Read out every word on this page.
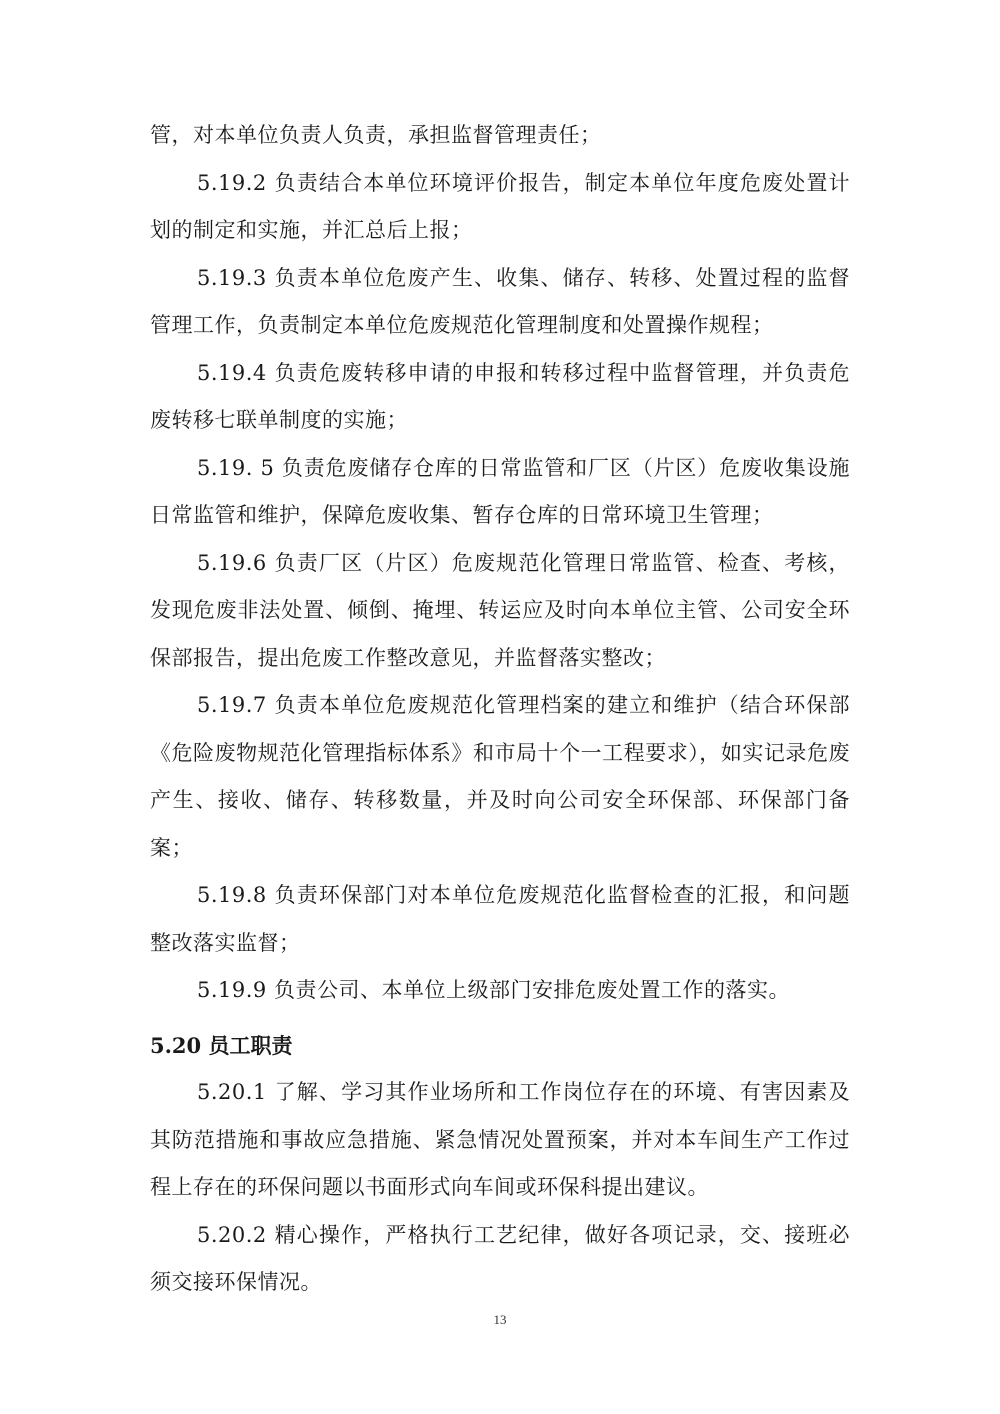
管，对本单位负责人负责，承担监督管理责任；

5.19.2 负责结合本单位环境评价报告，制定本单位年度危废处置计划的制定和实施，并汇总后上报；

5.19.3 负责本单位危废产生、收集、储存、转移、处置过程的监督管理工作，负责制定本单位危废规范化管理制度和处置操作规程；

5.19.4 负责危废转移申请的申报和转移过程中监督管理，并负责危废转移七联单制度的实施；

5.19. 5 负责危废储存仓库的日常监管和厂区（片区）危废收集设施日常监管和维护，保障危废收集、暂存仓库的日常环境卫生管理；

5.19.6 负责厂区（片区）危废规范化管理日常监管、检查、考核，发现危废非法处置、倾倒、掩埋、转运应及时向本单位主管、公司安全环保部报告，提出危废工作整改意见，并监督落实整改；

5.19.7 负责本单位危废规范化管理档案的建立和维护（结合环保部《危险废物规范化管理指标体系》和市局十个一工程要求），如实记录危废产生、接收、储存、转移数量，并及时向公司安全环保部、环保部门备案；

5.19.8 负责环保部门对本单位危废规范化监督检查的汇报，和问题整改落实监督；

5.19.9 负责公司、本单位上级部门安排危废处置工作的落实。

5.20 员工职责

5.20.1 了解、学习其作业场所和工作岗位存在的环境、有害因素及其防范措施和事故应急措施、紧急情况处置预案，并对本车间生产工作过程上存在的环保问题以书面形式向车间或环保科提出建议。

5.20.2 精心操作，严格执行工艺纪律，做好各项记录，交、接班必须交接环保情况。

13
